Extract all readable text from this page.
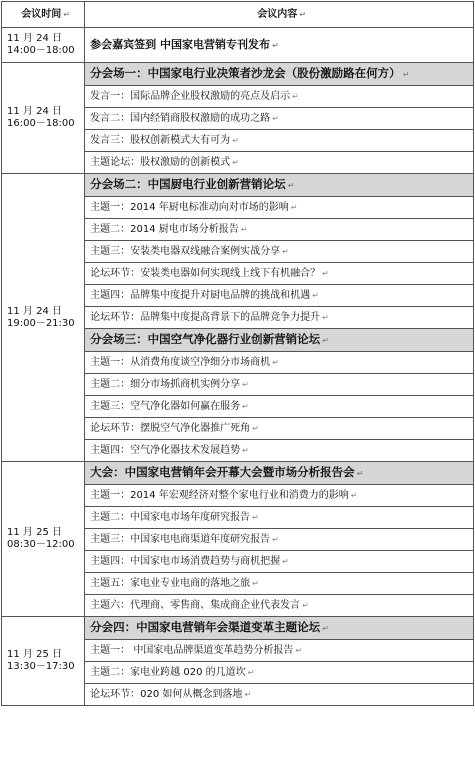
会议时间 ↵	会议内容 ↵

11 月 24 日
14:00－18:00	参会嘉宾签到 中国家电营销专刊发布 ↵

11 月 24 日
16:00－18:00	分会场一：中国家电行业决策者沙龙会（股份激励路在何方） ↵
	发言一：国际品牌企业股权激励的亮点及启示 ↵
	发言二：国内经销商股权激励的成功之路 ↵
	发言三：股权创新模式大有可为 ↵
	主题论坛：股权激励的创新模式 ↵

11 月 24 日
19:00－21:30	分会场二：中国厨电行业创新营销论坛 ↵
	主题一：2014 年厨电标准动向对市场的影响 ↵
	主题二：2014 厨电市场分析报告 ↵
	主题三：安装类电器双线融合案例实战分享 ↵
	论坛环节：安装类电器如何实现线上线下有机融合？ ↵
	主题四：品牌集中度提升对厨电品牌的挑战和机遇 ↵
	论坛环节：品牌集中度提高背景下的品牌竞争力提升 ↵
	分会场三：中国空气净化器行业创新营销论坛 ↵
	主题一：从消费角度谈空净细分市场商机 ↵
	主题二：细分市场抓商机实例分享 ↵
	主题三：空气净化器如何赢在服务 ↵
	论坛环节：摆脱空气净化器推广死角 ↵
	主题四：空气净化器技术发展趋势 ↵

11 月 25 日
08:30－12:00	大会：中国家电营销年会开幕大会暨市场分析报告会 ↵
	主题一：2014 年宏观经济对整个家电行业和消费力的影响 ↵
	主题二：中国家电市场年度研究报告 ↵
	主题三：中国家电电商渠道年度研究报告 ↵
	主题四：中国家电市场消费趋势与商机把握 ↵
	主题五：家电业专业电商的落地之旅 ↵
	主题六：代理商、零售商、集成商企业代表发言 ↵

11 月 25 日
13:30－17:30	分会四：中国家电营销年会渠道变革主题论坛 ↵
	主题一： 中国家电品牌渠道变革趋势分析报告 ↵
	主题二：家电业跨越 020 的几道坎 ↵
	论坛环节：020 如何从概念到落地 ↵
